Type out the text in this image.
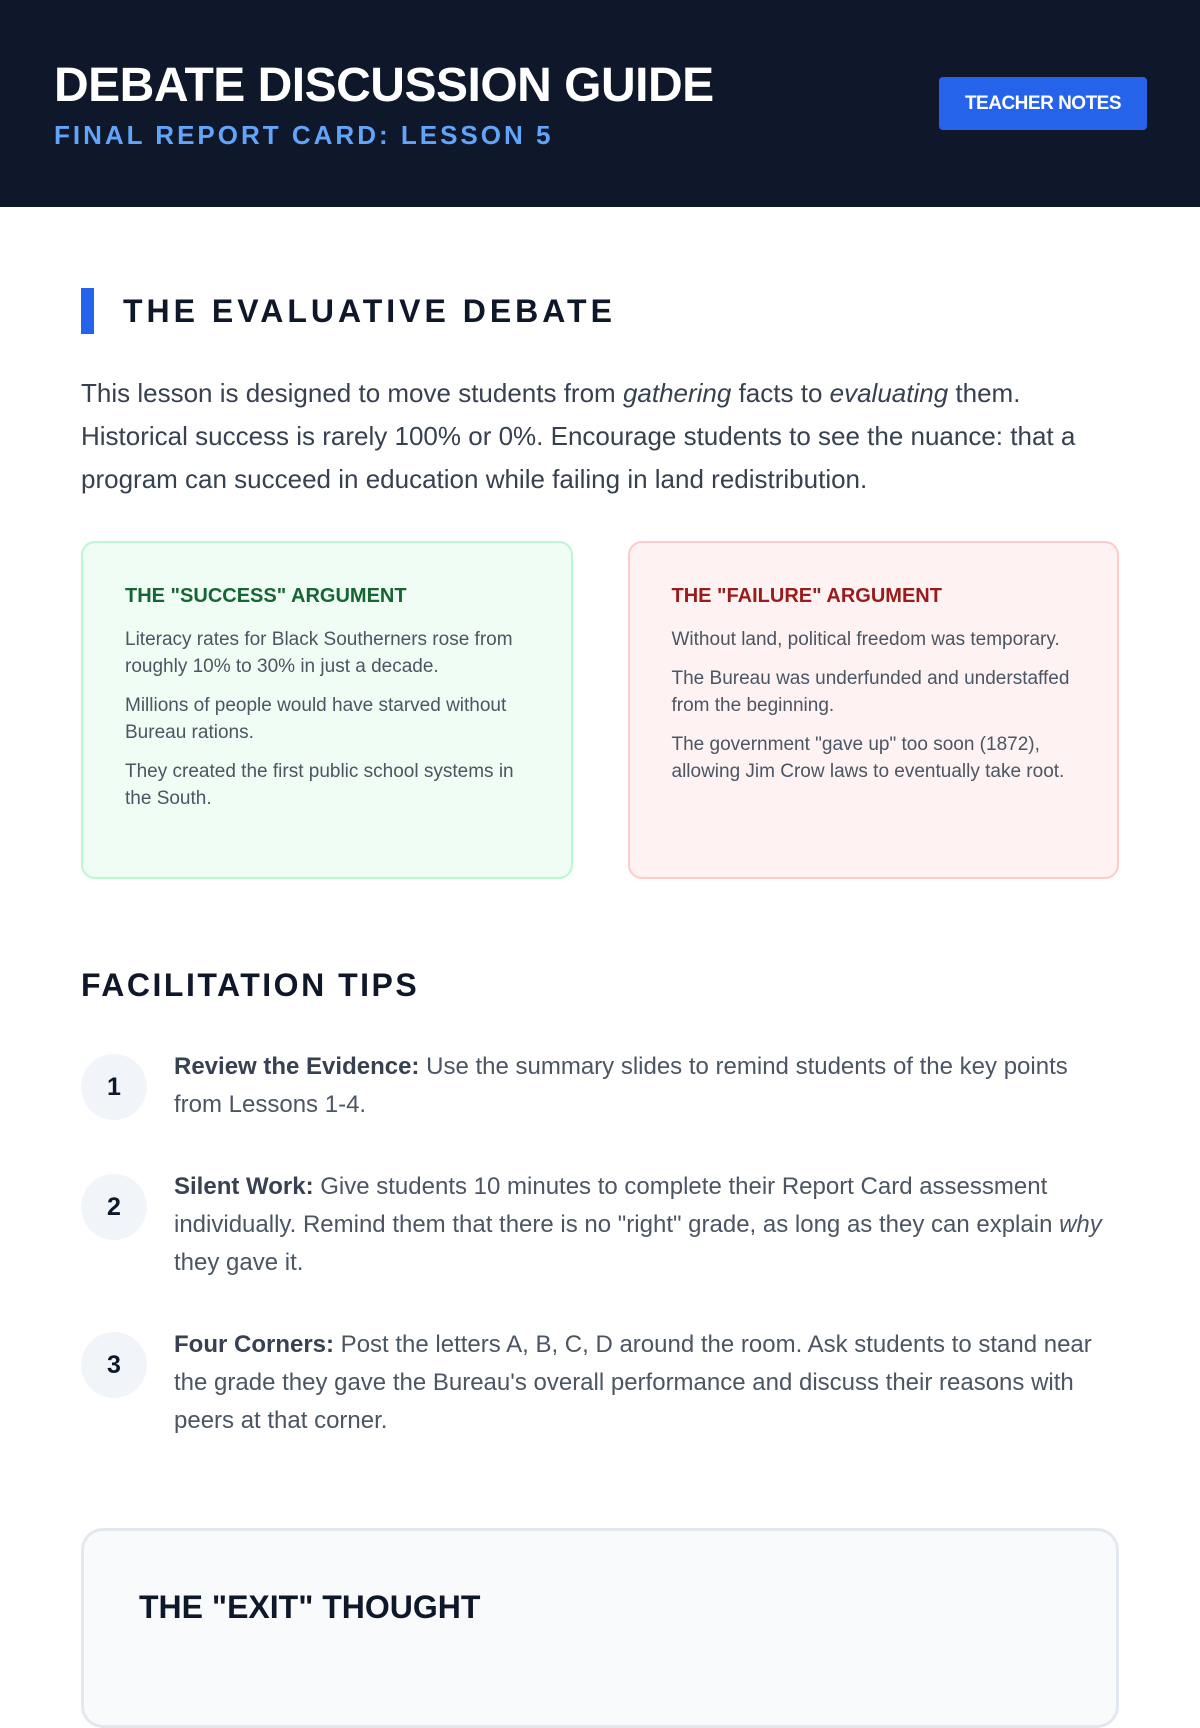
DEBATE DISCUSSION GUIDE
FINAL REPORT CARD: LESSON 5
TEACHER NOTES
THE EVALUATIVE DEBATE

This lesson is designed to move students from gathering facts to evaluating them. Historical success is rarely 100% or 0%. Encourage students to see the nuance: that a program can succeed in education while failing in land redistribution.

THE "SUCCESS" ARGUMENT

Literacy rates for Black Southerners rose from roughly 10% to 30% in just a decade.

Millions of people would have starved without Bureau rations.

They created the first public school systems in the South.

THE "FAILURE" ARGUMENT

Without land, political freedom was temporary.

The Bureau was underfunded and understaffed from the beginning.

The government "gave up" too soon (1872), allowing Jim Crow laws to eventually take root.

FACILITATION TIPS
1
Review the Evidence: Use the summary slides to remind students of the key points from Lessons 1-4.
2
Silent Work: Give students 10 minutes to complete their Report Card assessment individually. Remind them that there is no "right" grade, as long as they can explain why they gave it.
3
Four Corners: Post the letters A, B, C, D around the room. Ask students to stand near the grade they gave the Bureau's overall performance and discuss their reasons with peers at that corner.
THE "EXIT" THOUGHT
